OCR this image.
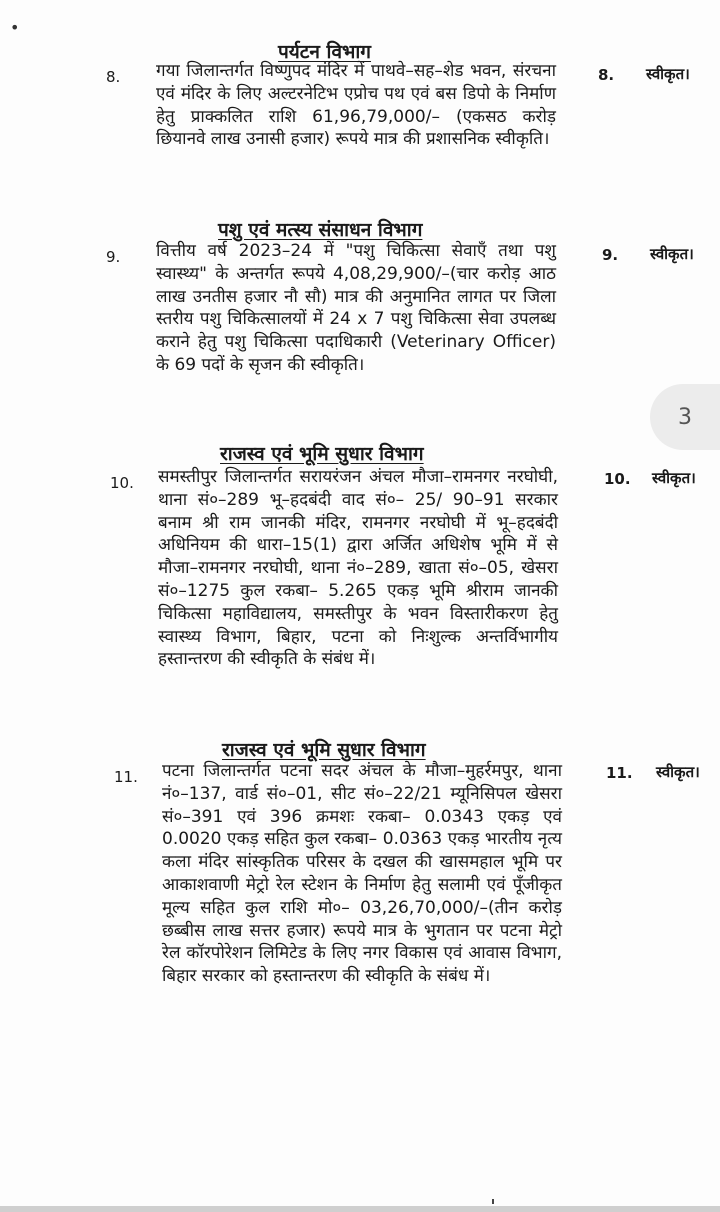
•
पर्यटन विभाग
8. गया जिलान्तर्गत विष्णुपद मंदिर में पाथवे–सह–शेड भवन, संरचना एवं मंदिर के लिए अल्टरनेटिभ एप्रोच पथ एवं बस डिपो के निर्माण हेतु प्राक्कलित राशि 61,96,79,000/– (एकसठ करोड़ छियानवे लाख उनासी हजार) रूपये मात्र की प्रशासनिक स्वीकृति।
8. स्वीकृत।
पशु एवं मत्स्य संसाधन विभाग
9. वित्तीय वर्ष 2023–24 में "पशु चिकित्सा सेवाएँ तथा पशु स्वास्थ्य" के अन्तर्गत रूपये 4,08,29,900/–(चार करोड़ आठ लाख उनतीस हजार नौ सौ) मात्र की अनुमानित लागत पर जिला स्तरीय पशु चिकित्सालयों में 24 x 7 पशु चिकित्सा सेवा उपलब्ध कराने हेतु पशु चिकित्सा पदाधिकारी (Veterinary Officer) के 69 पदों के सृजन की स्वीकृति।
9. स्वीकृत।
3
राजस्व एवं भूमि सुधार विभाग
10. समस्तीपुर जिलान्तर्गत सरायरंजन अंचल मौजा–रामनगर नरघोघी, थाना सं०–289 भू–हदबंदी वाद सं०– 25/ 90–91 सरकार बनाम श्री राम जानकी मंदिर, रामनगर नरघोघी में भू–हदबंदी अधिनियम की धारा–15(1) द्वारा अर्जित अधिशेष भूमि में से मौजा–रामनगर नरघोघी, थाना नं०–289, खाता सं०–05, खेसरा सं०–1275 कुल रकबा– 5.265 एकड़ भूमि श्रीराम जानकी चिकित्सा महाविद्यालय, समस्तीपुर के भवन विस्तारीकरण हेतु स्वास्थ्य विभाग, बिहार, पटना को निःशुल्क अन्तर्विभागीय हस्तान्तरण की स्वीकृति के संबंध में।
10. स्वीकृत।
राजस्व एवं भूमि सुधार विभाग
11. पटना जिलान्तर्गत पटना सदर अंचल के मौजा–मुहर्रमपुर, थाना नं०–137, वार्ड सं०–01, सीट सं०–22/21 म्यूनिसिपल खेसरा सं०–391 एवं 396 क्रमशः रकबा– 0.0343 एकड़ एवं 0.0020 एकड़ सहित कुल रकबा– 0.0363 एकड़ भारतीय नृत्य कला मंदिर सांस्कृतिक परिसर के दखल की खासमहाल भूमि पर आकाशवाणी मेट्रो रेल स्टेशन के निर्माण हेतु सलामी एवं पूँजीकृत मूल्य सहित कुल राशि मो०– 03,26,70,000/–(तीन करोड़ छब्बीस लाख सत्तर हजार) रूपये मात्र के भुगतान पर पटना मेट्रो रेल कॉरपोरेशन लिमिटेड के लिए नगर विकास एवं आवास विभाग, बिहार सरकार को हस्तान्तरण की स्वीकृति के संबंध में।
11. स्वीकृत।
